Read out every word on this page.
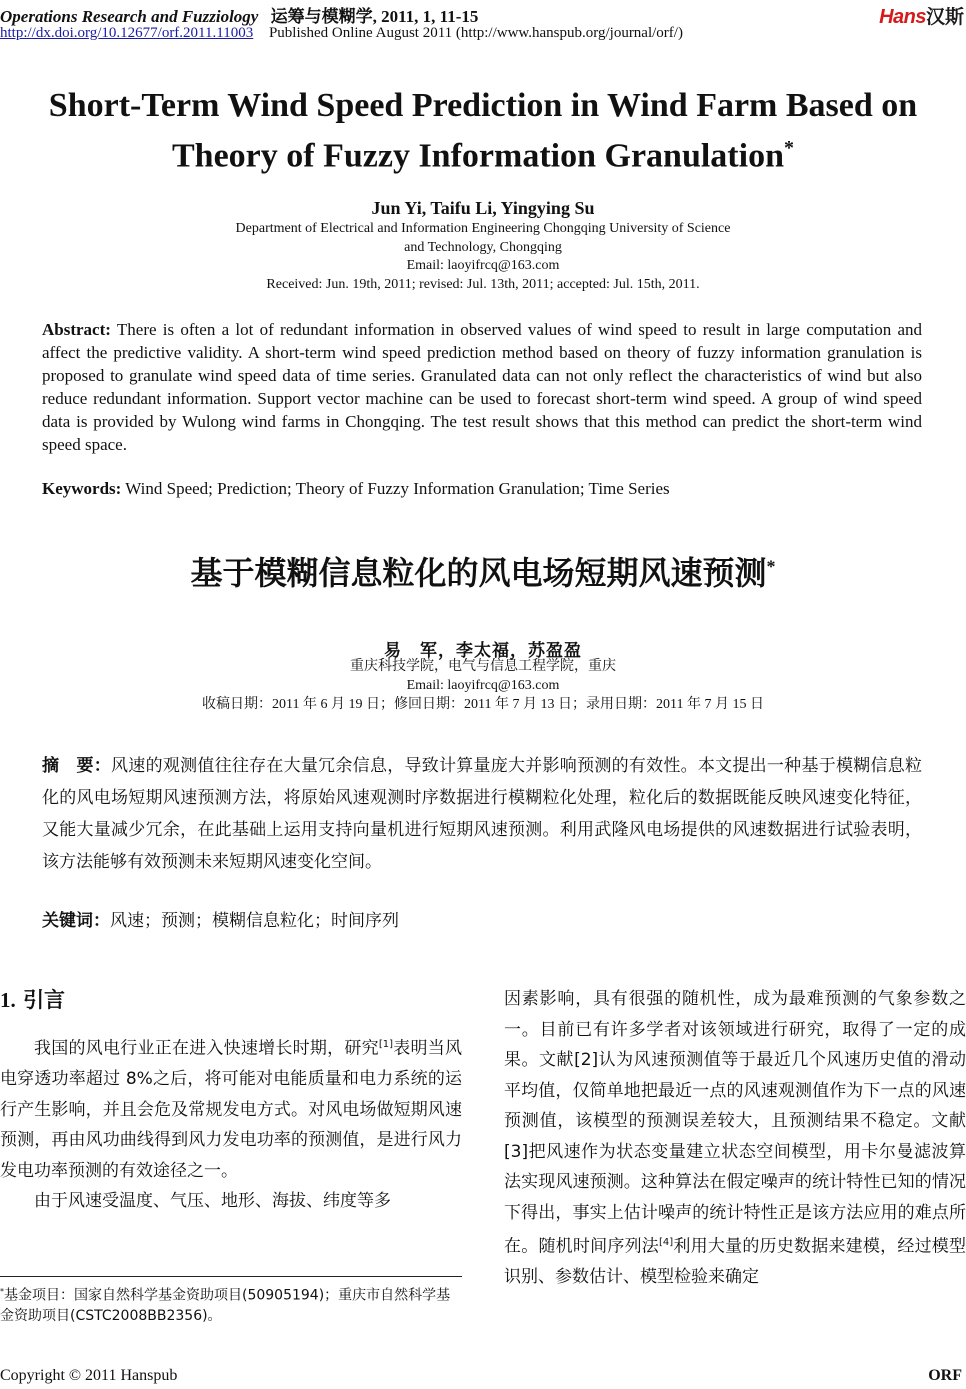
Operations Research and Fuzziology 运筹与模糊学, 2011, 1, 11-15
http://dx.doi.org/10.12677/orf.2011.11003 Published Online August 2011 (http://www.hanspub.org/journal/orf/)
Hans汉斯
Short-Term Wind Speed Prediction in Wind Farm Based on
Theory of Fuzzy Information Granulation*
Jun Yi, Taifu Li, Yingying Su
Department of Electrical and Information Engineering Chongqing University of Science
and Technology, Chongqing
Email: laoyifrcq@163.com
Received: Jun. 19th, 2011; revised: Jul. 13th, 2011; accepted: Jul. 15th, 2011.
Abstract: There is often a lot of redundant information in observed values of wind speed to result in large computation and affect the predictive validity. A short-term wind speed prediction method based on theory of fuzzy information granulation is proposed to granulate wind speed data of time series. Granulated data can not only reflect the characteristics of wind but also reduce redundant information. Support vector machine can be used to forecast short-term wind speed. A group of wind speed data is provided by Wulong wind farms in Chongqing. The test result shows that this method can predict the short-term wind speed space.
Keywords: Wind Speed; Prediction; Theory of Fuzzy Information Granulation; Time Series
基于模糊信息粒化的风电场短期风速预测*
易　军，李太福，苏盈盈
重庆科技学院，电气与信息工程学院，重庆
Email: laoyifrcq@163.com
收稿日期：2011 年 6 月 19 日；修回日期：2011 年 7 月 13 日；录用日期：2011 年 7 月 15 日
摘　要：风速的观测值往往存在大量冗余信息，导致计算量庞大并影响预测的有效性。本文提出一种基于模糊信息粒化的风电场短期风速预测方法，将原始风速观测时序数据进行模糊粒化处理，粒化后的数据既能反映风速变化特征，又能大量减少冗余，在此基础上运用支持向量机进行短期风速预测。利用武隆风电场提供的风速数据进行试验表明，该方法能够有效预测未来短期风速变化空间。
关键词：风速；预测；模糊信息粒化；时间序列
1. 引言

我国的风电行业正在进入快速增长时期，研究[1]表明当风电穿透功率超过 8%之后，将可能对电能质量和电力系统的运行产生影响，并且会危及常规发电方式。对风电场做短期风速预测，再由风功曲线得到风力发电功率的预测值，是进行风力发电功率预测的有效途径之一。

由于风速受温度、气压、地形、海拔、纬度等多

因素影响，具有很强的随机性，成为最难预测的气象参数之一。目前已有许多学者对该领域进行研究，取得了一定的成果。文献[2]认为风速预测值等于最近几个风速历史值的滑动平均值，仅简单地把最近一点的风速观测值作为下一点的风速预测值，该模型的预测误差较大，且预测结果不稳定。文献[3]把风速作为状态变量建立状态空间模型，用卡尔曼滤波算法实现风速预测。这种算法在假定噪声的统计特性已知的情况下得出，事实上估计噪声的统计特性正是该方法应用的难点所在。随机时间序列法[4]利用大量的历史数据来建模，经过模型识别、参数估计、模型检验来确定

*基金项目：国家自然科学基金资助项目(50905194)；重庆市自然科学基金资助项目(CSTC2008BB2356)。
Copyright © 2011 Hanspub	ORF
